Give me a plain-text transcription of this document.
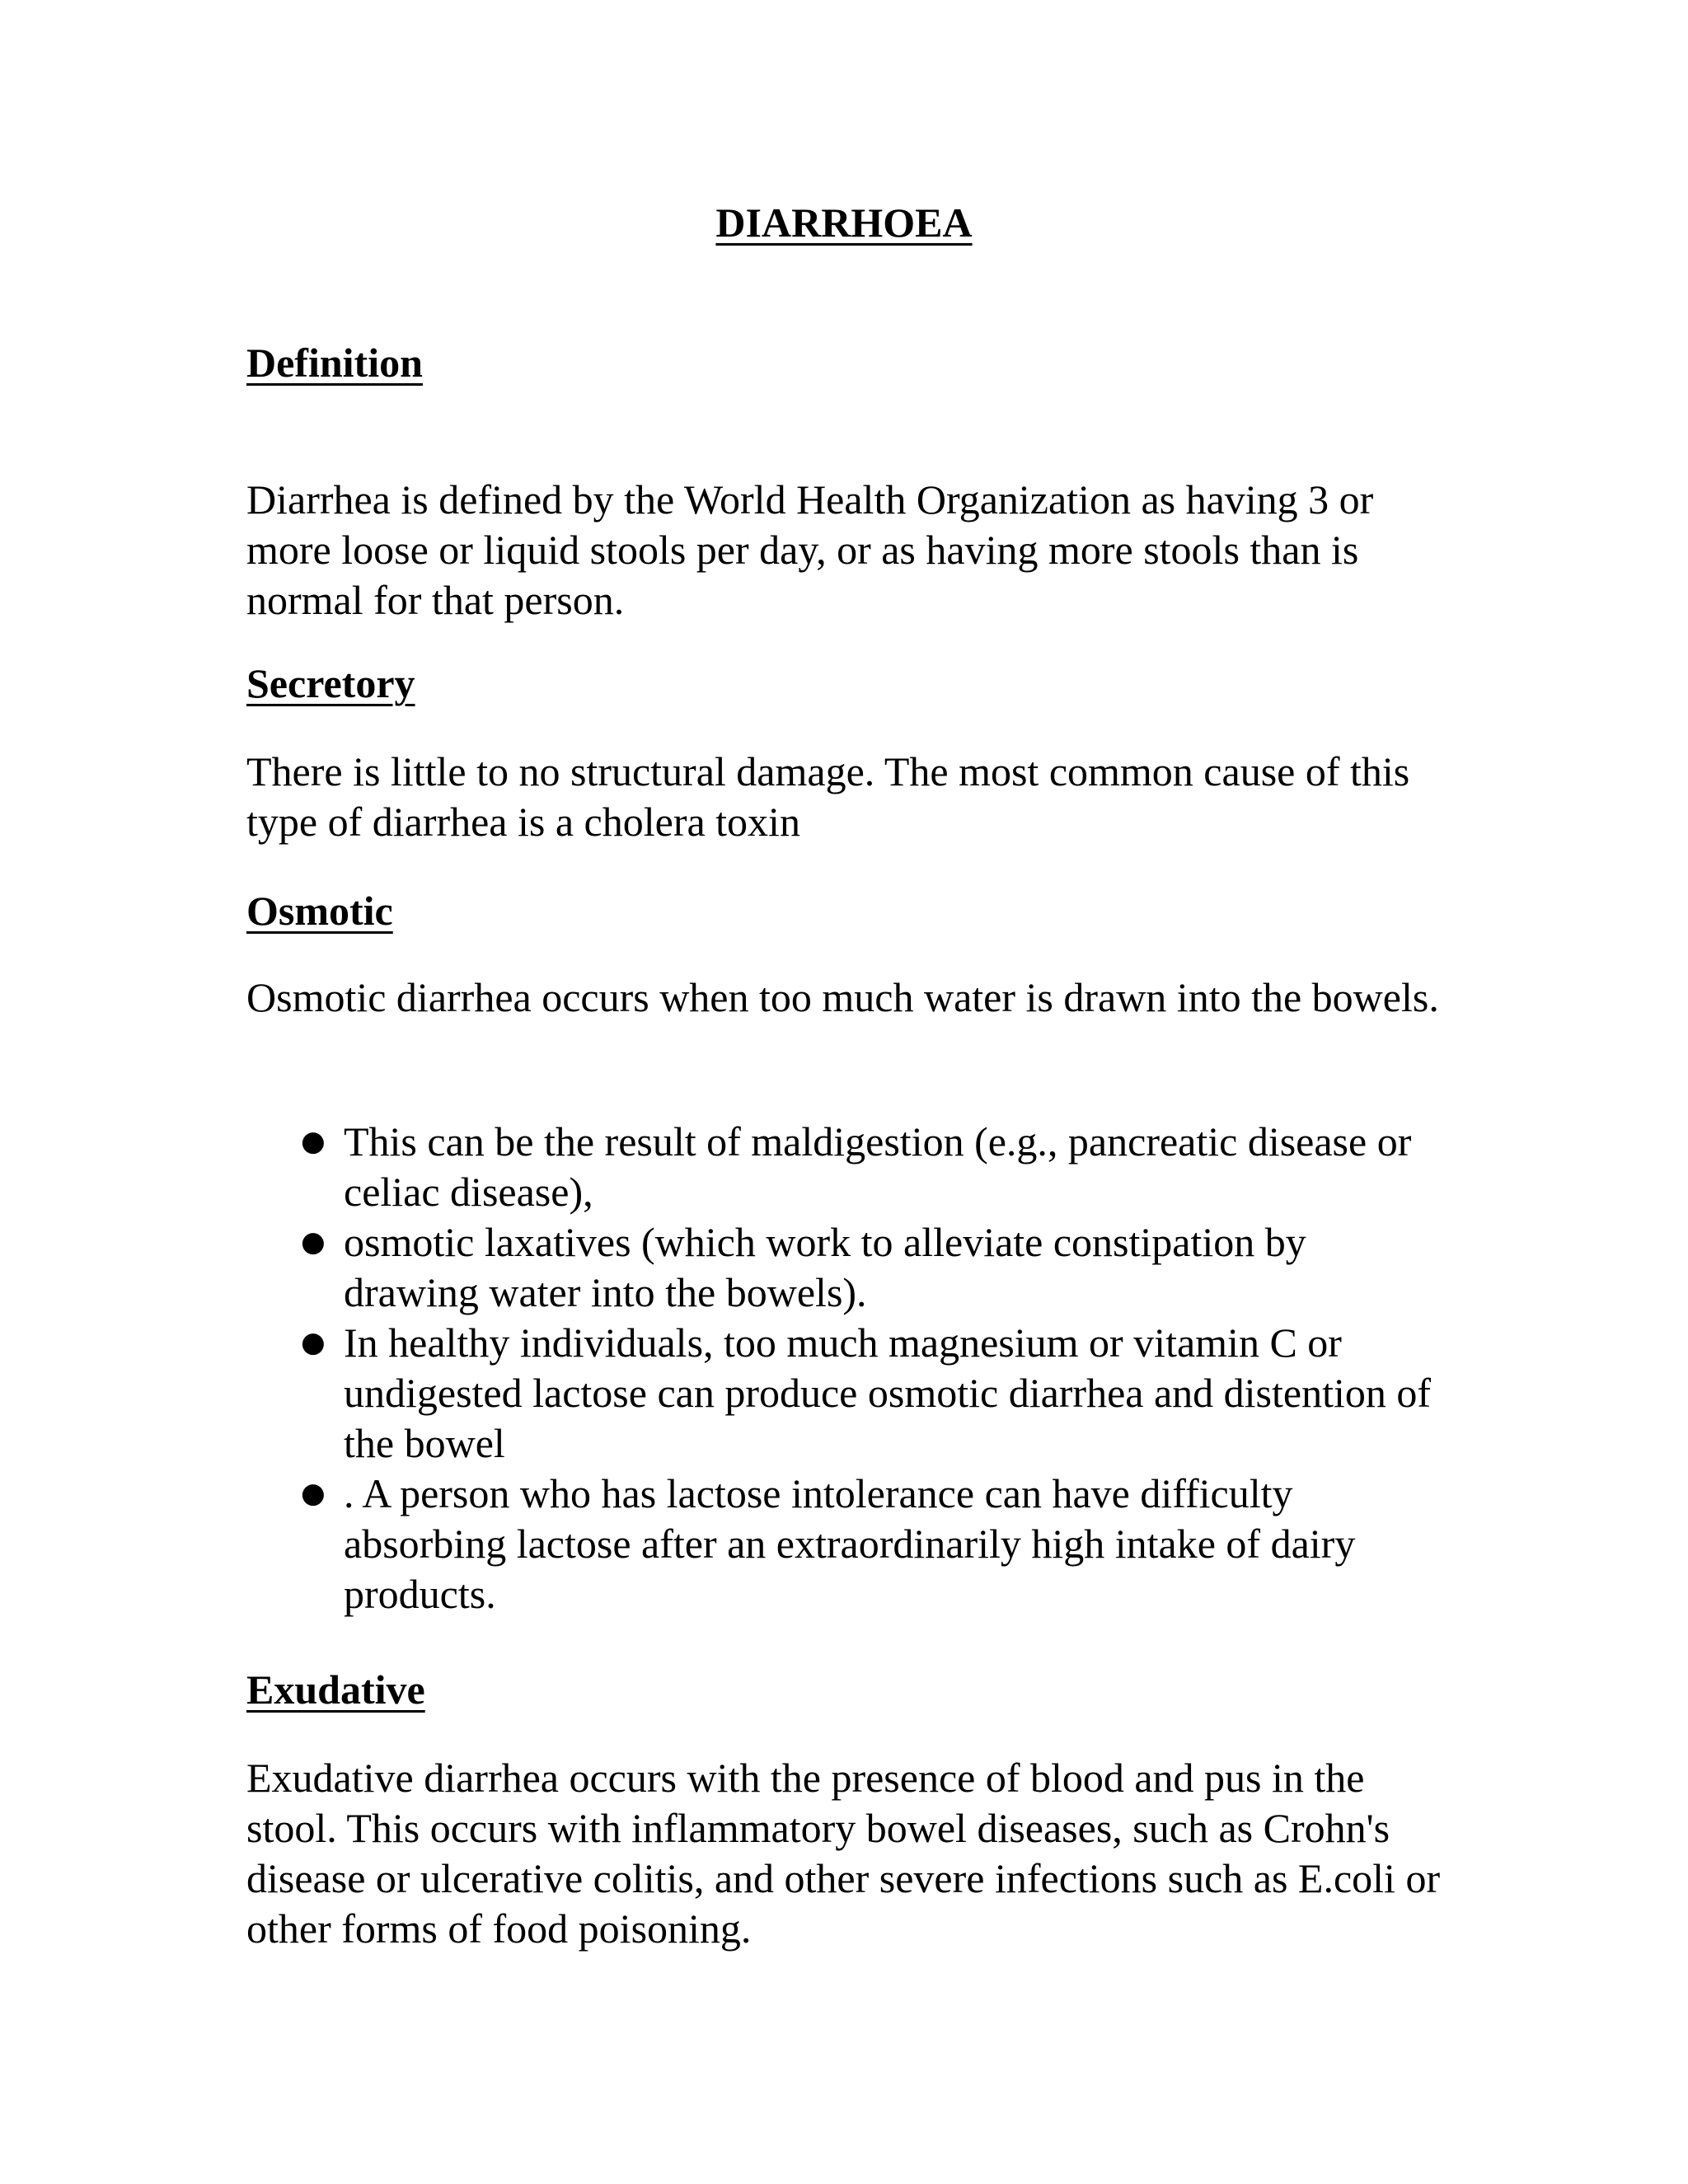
DIARRHOEA
Definition

Diarrhea is defined by the World Health Organization as having 3 or more loose or liquid stools per day, or as having more stools than is normal for that person.

Secretory

There is little to no structural damage. The most common cause of this type of diarrhea is a cholera toxin

Osmotic

Osmotic diarrhea occurs when too much water is drawn into the bowels.

● This can be the result of maldigestion (e.g., pancreatic disease or celiac disease),
● osmotic laxatives (which work to alleviate constipation by drawing water into the bowels).
● In healthy individuals, too much magnesium or vitamin C or undigested lactose can produce osmotic diarrhea and distention of the bowel
● . A person who has lactose intolerance can have difficulty absorbing lactose after an extraordinarily high intake of dairy products.
Exudative

Exudative diarrhea occurs with the presence of blood and pus in the stool. This occurs with inflammatory bowel diseases, such as Crohn's disease or ulcerative colitis, and other severe infections such as E.coli or other forms of food poisoning.
